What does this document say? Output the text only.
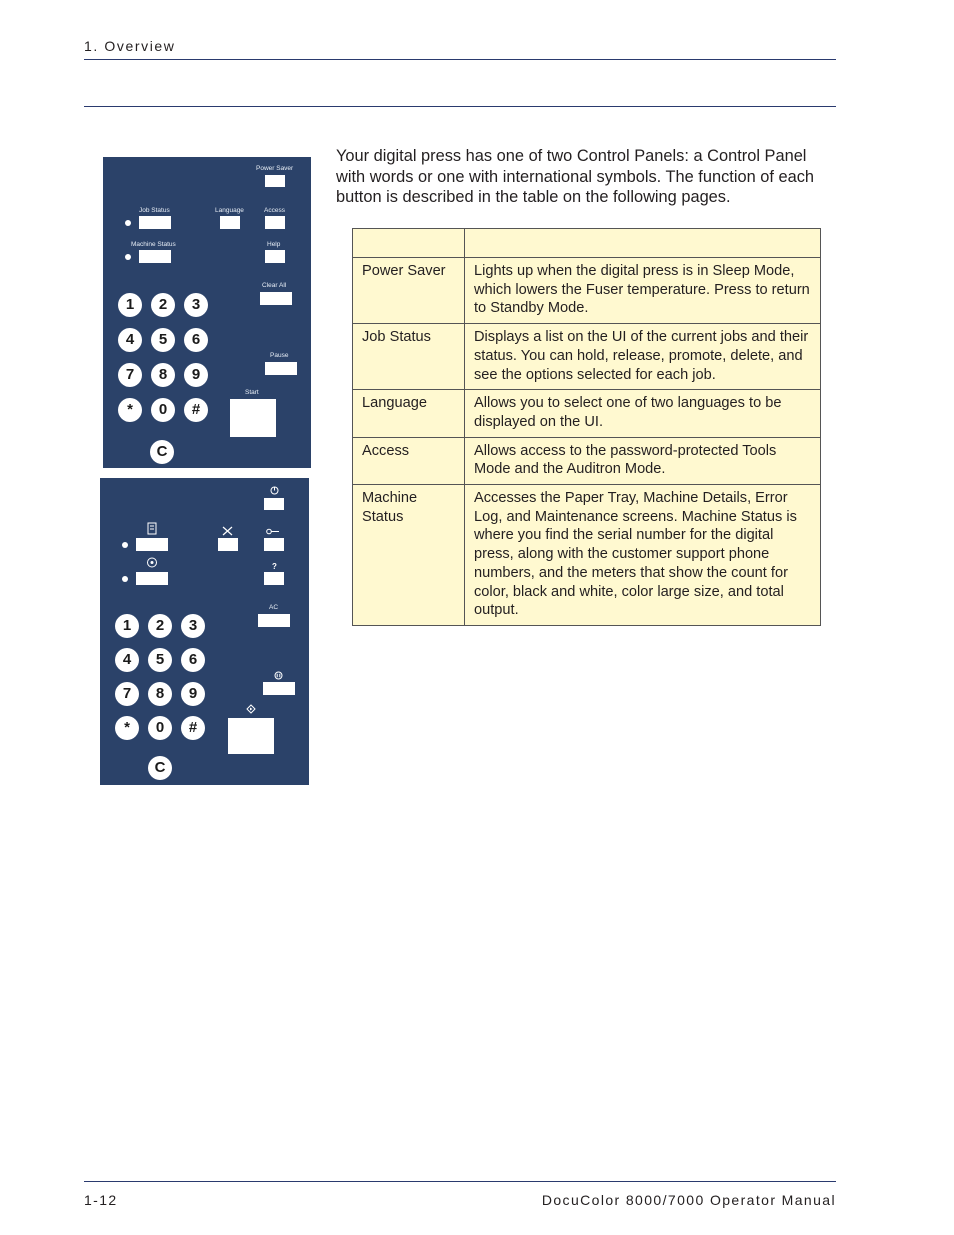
1. Overview
Power Saver
Job Status	Language	Access
Machine Status	Help
Clear All
Pause
Start
1	2	3
4	5	6
7	8	9
*	0	#
C
?
AC
1	2	3
4	5	6
7	8	9
*	0	#
C

Your digital press has one of two Control Panels: a Control Panel with words or one with international symbols. The function of each button is described in the table on the following pages.

Power Saver	Lights up when the digital press is in Sleep Mode, which lowers the Fuser temperature. Press to return to Standby Mode.
Job Status	Displays a list on the UI of the current jobs and their status. You can hold, release, promote, delete, and see the options selected for each job.
Language	Allows you to select one of two languages to be displayed on the UI.
Access	Allows access to the password-protected Tools Mode and the Auditron Mode.
Machine Status	Accesses the Paper Tray, Machine Details, Error Log, and Maintenance screens. Machine Status is where you find the serial number for the digital press, along with the customer support phone numbers, and the meters that show the count for color, black and white, color large size, and total output.
1-12	DocuColor 8000/7000 Operator Manual
